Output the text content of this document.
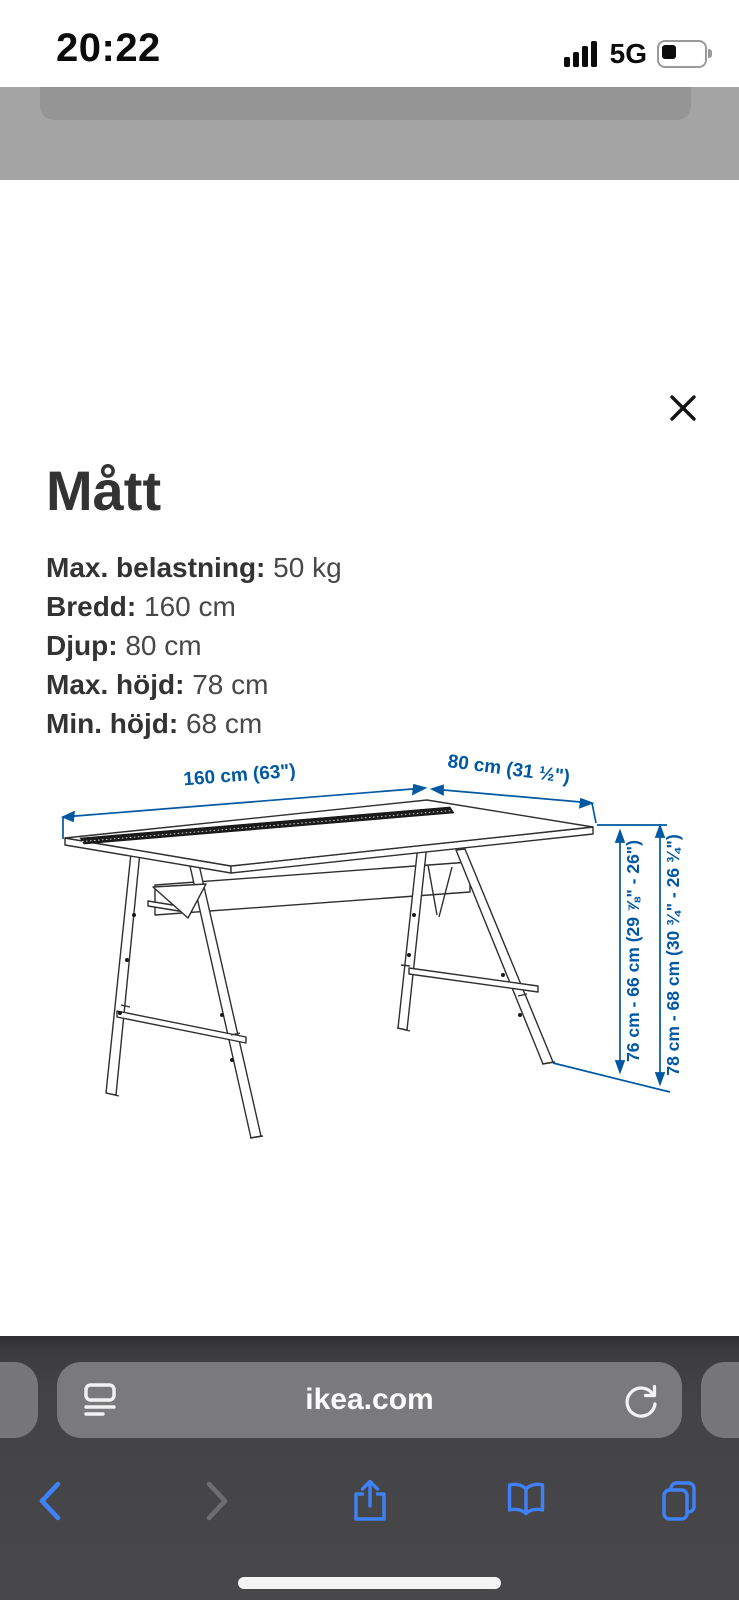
20:22	5G
Mått
Max. belastning: 50 kg
Bredd: 160 cm
Djup: 80 cm
Max. höjd: 78 cm
Min. höjd: 68 cm
160 cm (63")	80 cm (31 ½")
76 cm - 66 cm (29 ⅞" - 26") 78 cm - 68 cm (30 ¾" - 26 ¾")
ikea.com
